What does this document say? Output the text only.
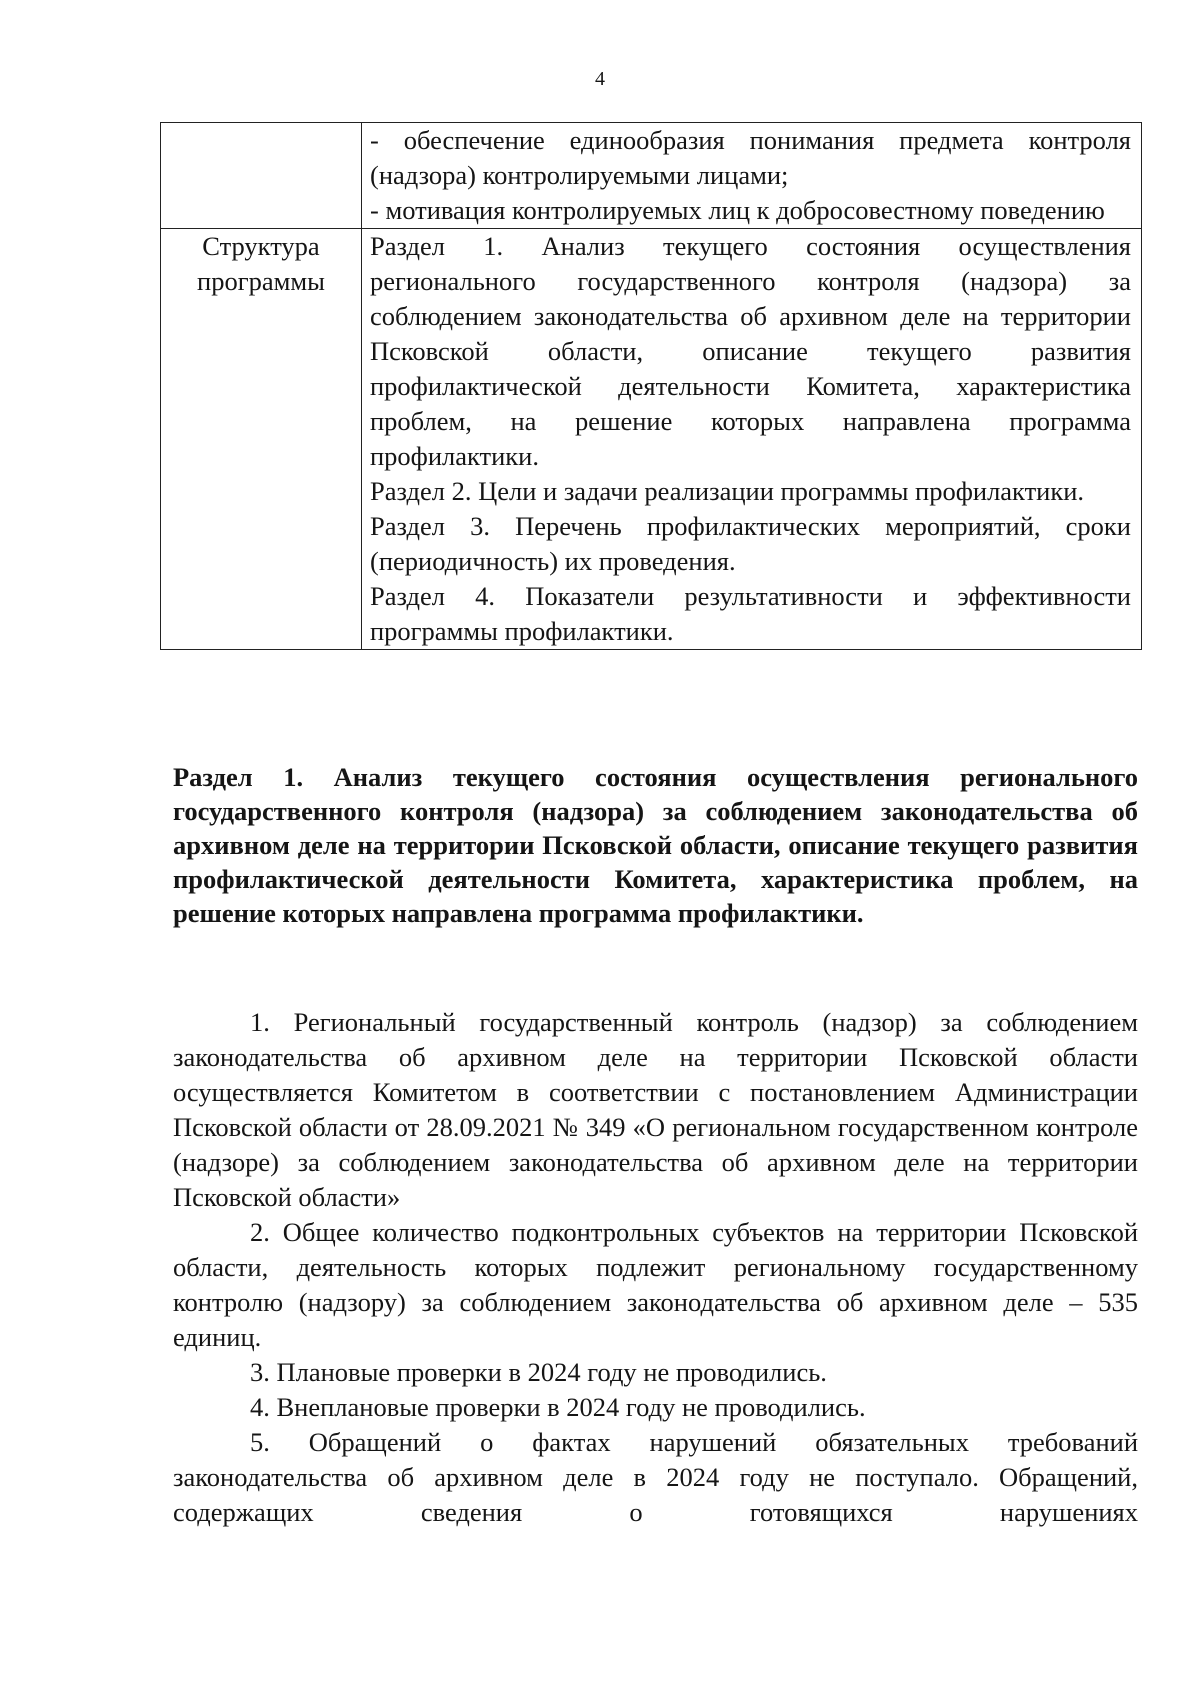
4

	- обеспечение единообразия понимания предмета контроля (надзора) контролируемыми лицами;

- мотивация контролируемых лиц к добросовестному поведению

Структура программы	Раздел 1. Анализ текущего состояния осуществления регионального государственного контроля (надзора) за соблюдением законодательства об архивном деле на территории Псковской области, описание текущего развития профилактической деятельности Комитета, характеристика проблем, на решение которых направлена программа профилактики.

Раздел 2. Цели и задачи реализации программы профилактики.

Раздел 3. Перечень профилактических мероприятий, сроки (периодичность) их проведения.

Раздел 4. Показатели результативности и эффективности программы профилактики.

Раздел 1. Анализ текущего состояния осуществления регионального государственного контроля (надзора) за соблюдением законодательства об архивном деле на территории Псковской области, описание текущего развития профилактической деятельности Комитета, характеристика проблем, на решение которых направлена программа профилактики.

1. Региональный государственный контроль (надзор) за соблюдением законодательства об архивном деле на территории Псковской области осуществляется Комитетом в соответствии с постановлением Администрации Псковской области от 28.09.2021 № 349 «О региональном государственном контроле (надзоре) за соблюдением законодательства об архивном деле на территории Псковской области»

2. Общее количество подконтрольных субъектов на территории Псковской области, деятельность которых подлежит региональному государственному контролю (надзору) за соблюдением законодательства об архивном деле – 535 единиц.

3. Плановые проверки в 2024 году не проводились.

4. Внеплановые проверки в 2024 году не проводились.

5. Обращений о фактах нарушений обязательных требований законодательства об архивном деле в 2024 году не поступало. Обращений, содержащих сведения о готовящихся нарушениях
